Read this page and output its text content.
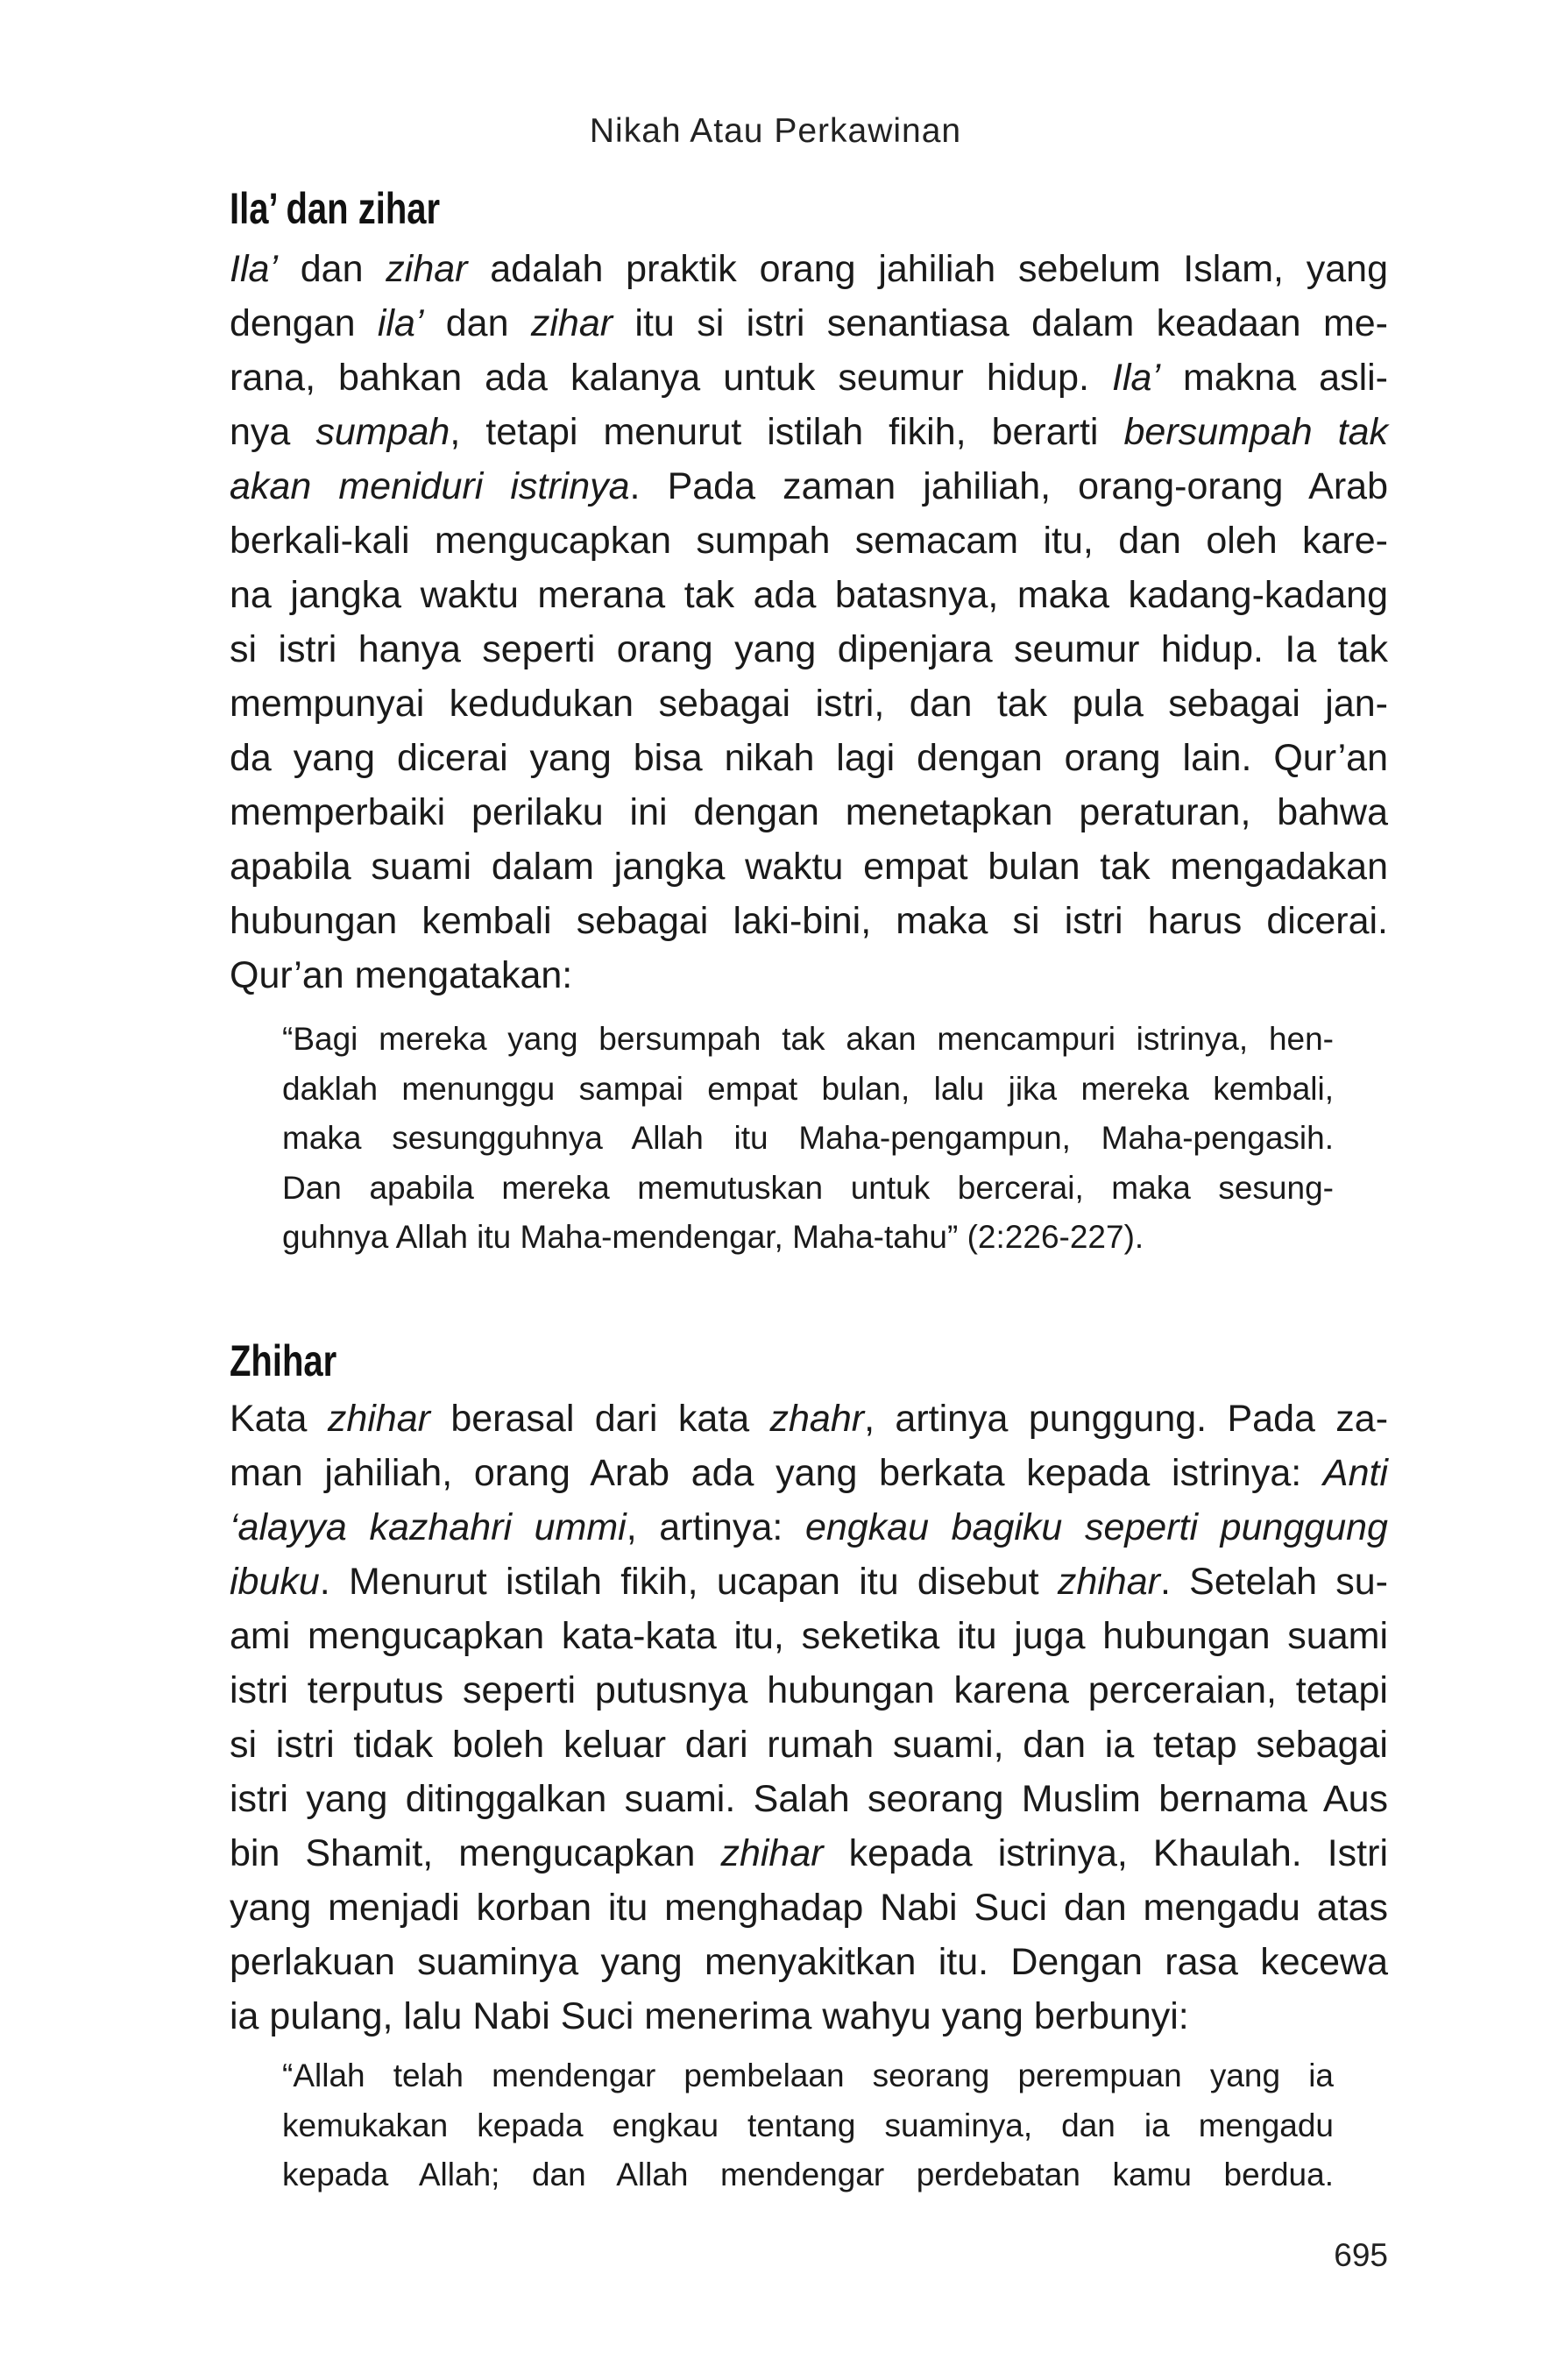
Nikah Atau Perkawinan
Ila’ dan zihar
Ila’ dan zihar adalah praktik orang jahiliah sebelum Islam, yang
dengan ila’ dan zihar itu si istri senantiasa dalam keadaan me-
rana, bahkan ada kalanya untuk seumur hidup. Ila’ makna asli-
nya sumpah, tetapi menurut istilah fikih, berarti bersumpah tak
akan meniduri istrinya. Pada zaman jahiliah, orang-orang Arab
berkali-kali mengucapkan sumpah semacam itu, dan oleh kare-
na jangka waktu merana tak ada batasnya, maka kadang-kadang
si istri hanya seperti orang yang dipenjara seumur hidup. Ia tak
mempunyai kedudukan sebagai istri, dan tak pula sebagai jan-
da yang dicerai yang bisa nikah lagi dengan orang lain. Qur’an
memperbaiki perilaku ini dengan menetapkan peraturan, bahwa
apabila suami dalam jangka waktu empat bulan tak mengadakan
hubungan kembali sebagai laki-bini, maka si istri harus dicerai.
Qur’an mengatakan:
“Bagi mereka yang bersumpah tak akan mencampuri istrinya, hen-
daklah menunggu sampai empat bulan, lalu jika mereka kembali,
maka sesungguhnya Allah itu Maha-pengampun, Maha-pengasih.
Dan apabila mereka memutuskan untuk bercerai, maka sesung-
guhnya Allah itu Maha-mendengar, Maha-tahu” (2:226-227).
Zhihar
Kata zhihar berasal dari kata zhahr, artinya punggung. Pada za-
man jahiliah, orang Arab ada yang berkata kepada istrinya: Anti
‘alayya kazhahri ummi, artinya: engkau bagiku seperti punggung
ibuku. Menurut istilah fikih, ucapan itu disebut zhihar. Setelah su-
ami mengucapkan kata-kata itu, seketika itu juga hubungan suami
istri terputus seperti putusnya hubungan karena perceraian, tetapi
si istri tidak boleh keluar dari rumah suami, dan ia tetap sebagai
istri yang ditinggalkan suami. Salah seorang Muslim bernama Aus
bin Shamit, mengucapkan zhihar kepada istrinya, Khaulah. Istri
yang menjadi korban itu menghadap Nabi Suci dan mengadu atas
perlakuan suaminya yang menyakitkan itu. Dengan rasa kecewa
ia pulang, lalu Nabi Suci menerima wahyu yang berbunyi:
“Allah telah mendengar pembelaan seorang perempuan yang ia
kemukakan kepada engkau tentang suaminya, dan ia mengadu
kepada Allah; dan Allah mendengar perdebatan kamu berdua.
695
